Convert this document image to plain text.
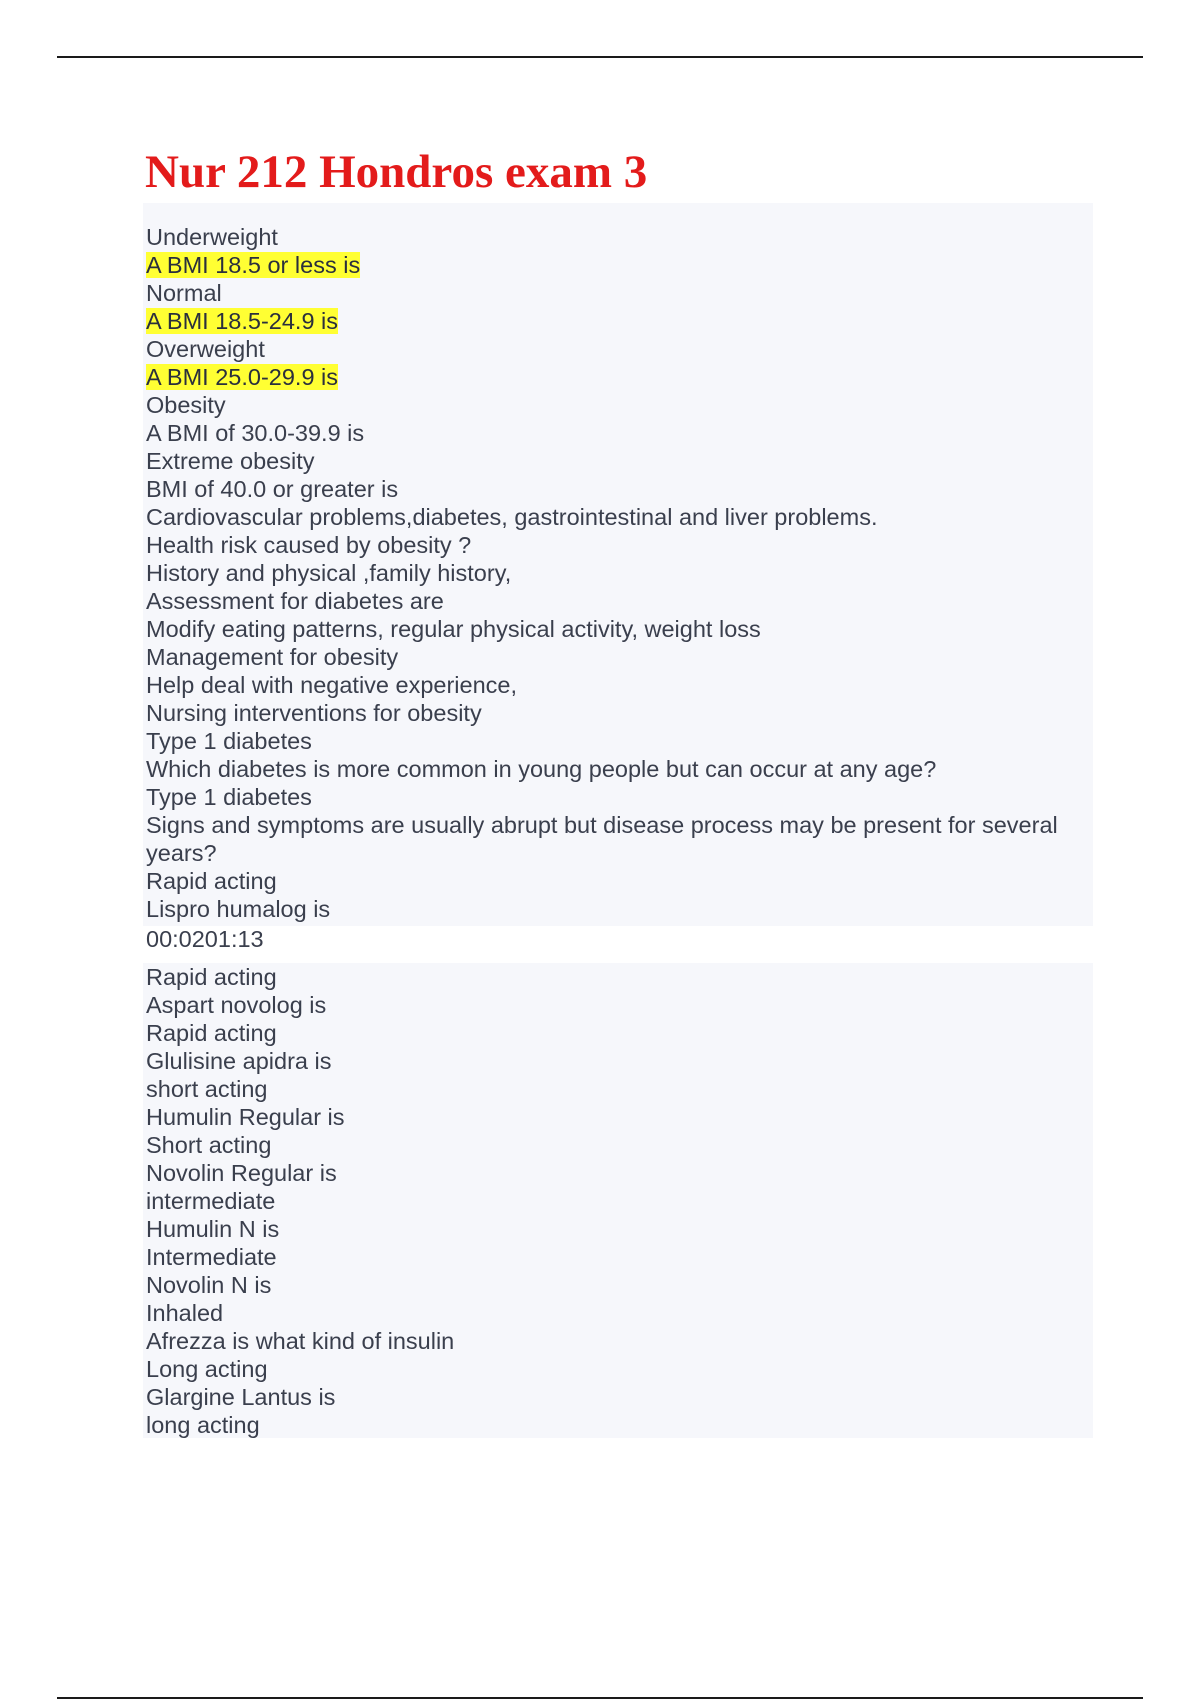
Nur 212 Hondros exam 3
Underweight
A BMI 18.5 or less is
Normal
A BMI 18.5-24.9 is
Overweight
A BMI 25.0-29.9 is
Obesity
A BMI of 30.0-39.9 is
Extreme obesity
BMI of 40.0 or greater is
Cardiovascular problems,diabetes, gastrointestinal and liver problems.
Health risk caused by obesity ?
History and physical ,family history,
Assessment for diabetes are
Modify eating patterns, regular physical activity, weight loss
Management for obesity
Help deal with negative experience,
Nursing interventions for obesity
Type 1 diabetes
Which diabetes is more common in young people but can occur at any age?
Type 1 diabetes
Signs and symptoms are usually abrupt but disease process may be present for several years?
Rapid acting
Lispro humalog is
00:0201:13
Rapid acting
Aspart novolog is
Rapid acting
Glulisine apidra is
short acting
Humulin Regular is
Short acting
Novolin Regular is
intermediate
Humulin N is
Intermediate
Novolin N is
Inhaled
Afrezza is what kind of insulin
Long acting
Glargine Lantus is
long acting
